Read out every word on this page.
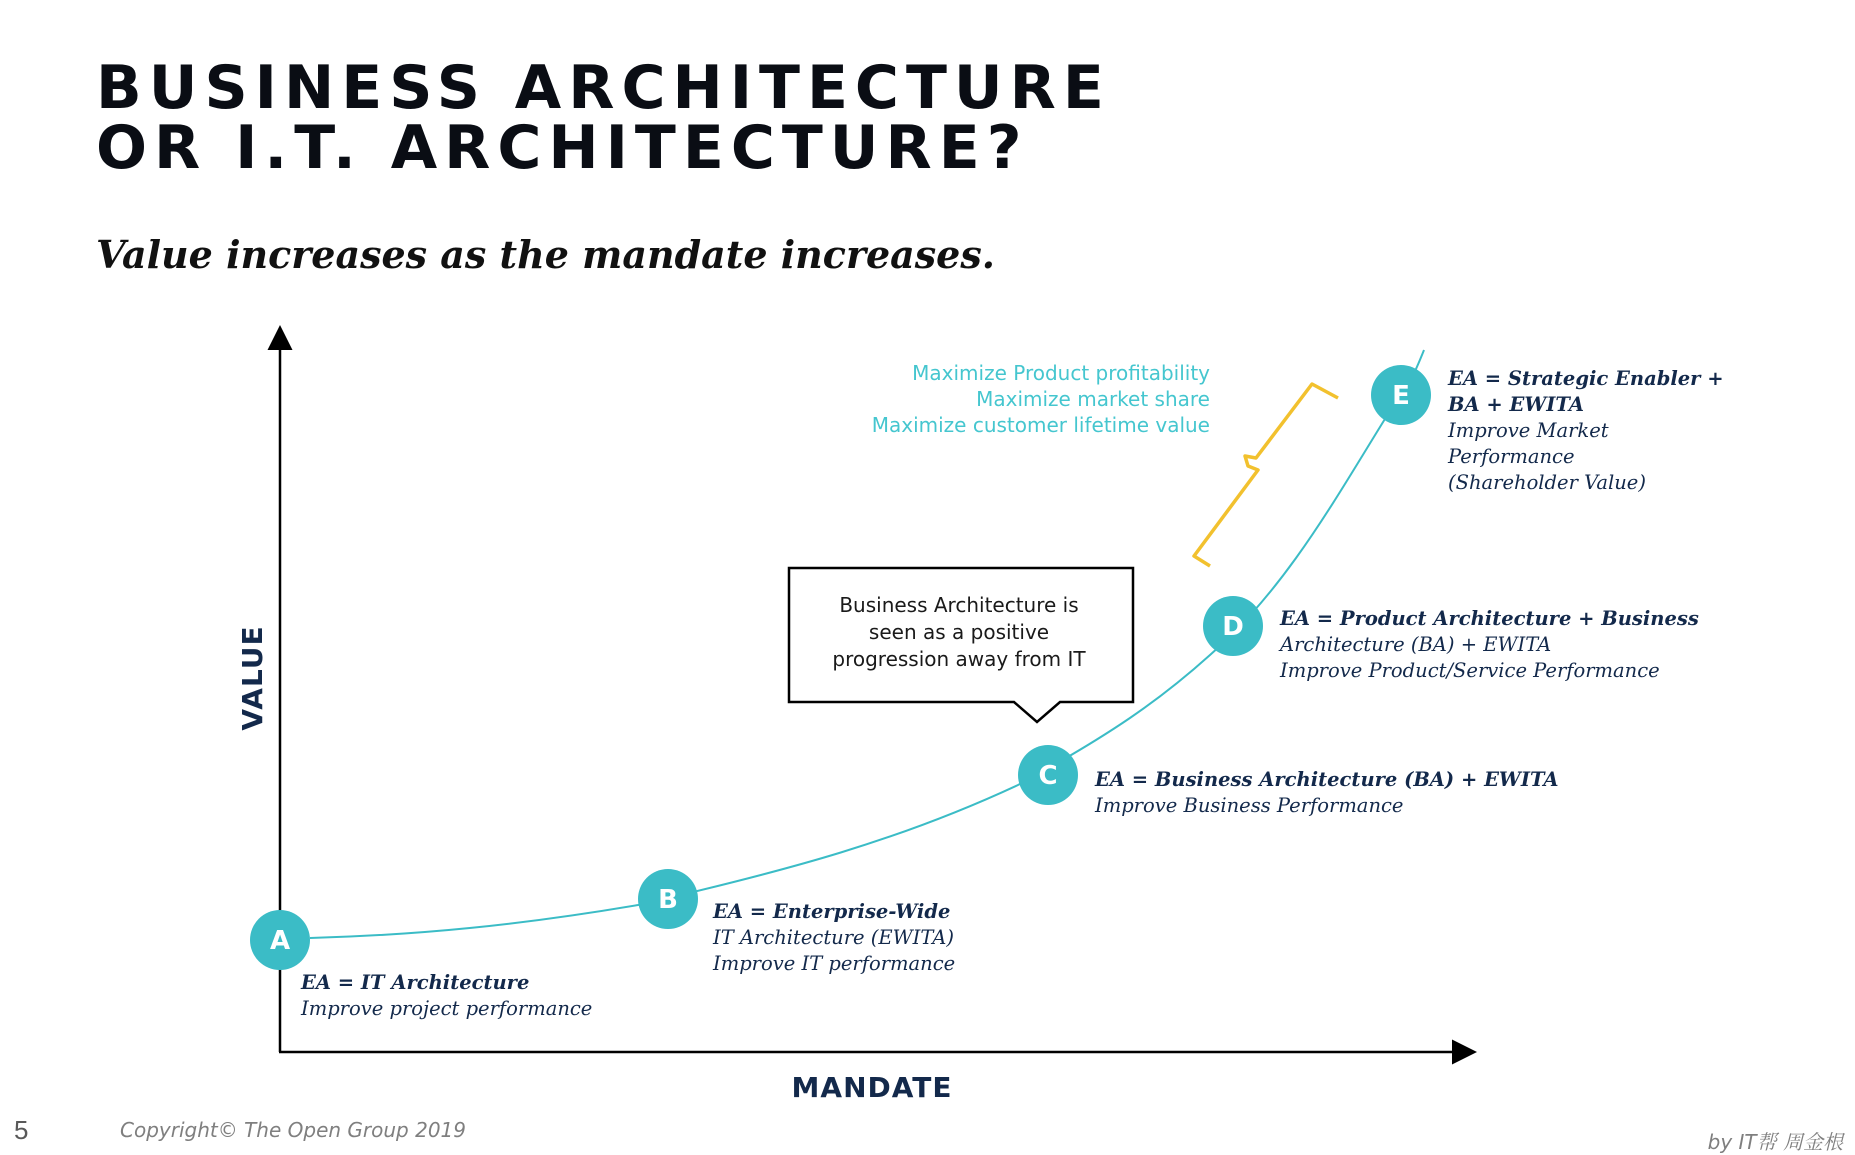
BUSINESS ARCHITECTURE
OR I.T. ARCHITECTURE?

Value increases as the mandate increases.

VALUE
MANDATE
A
B
C
D
E
EA = IT Architecture
Improve project performance
EA = Enterprise-Wide
IT Architecture (EWITA)
Improve IT performance
EA = Business Architecture (BA) + EWITA
Improve Business Performance
EA = Product Architecture + Business
Architecture (BA) + EWITA
Improve Product/Service Performance
EA = Strategic Enabler +
BA + EWITA
Improve Market
Performance
(Shareholder Value)
Business Architecture is
seen as a positive
progression away from IT
Maximize Product profitability
Maximize market share
Maximize customer lifetime value
5	Copyright© The Open Group 2019	by IT帮 周金根
